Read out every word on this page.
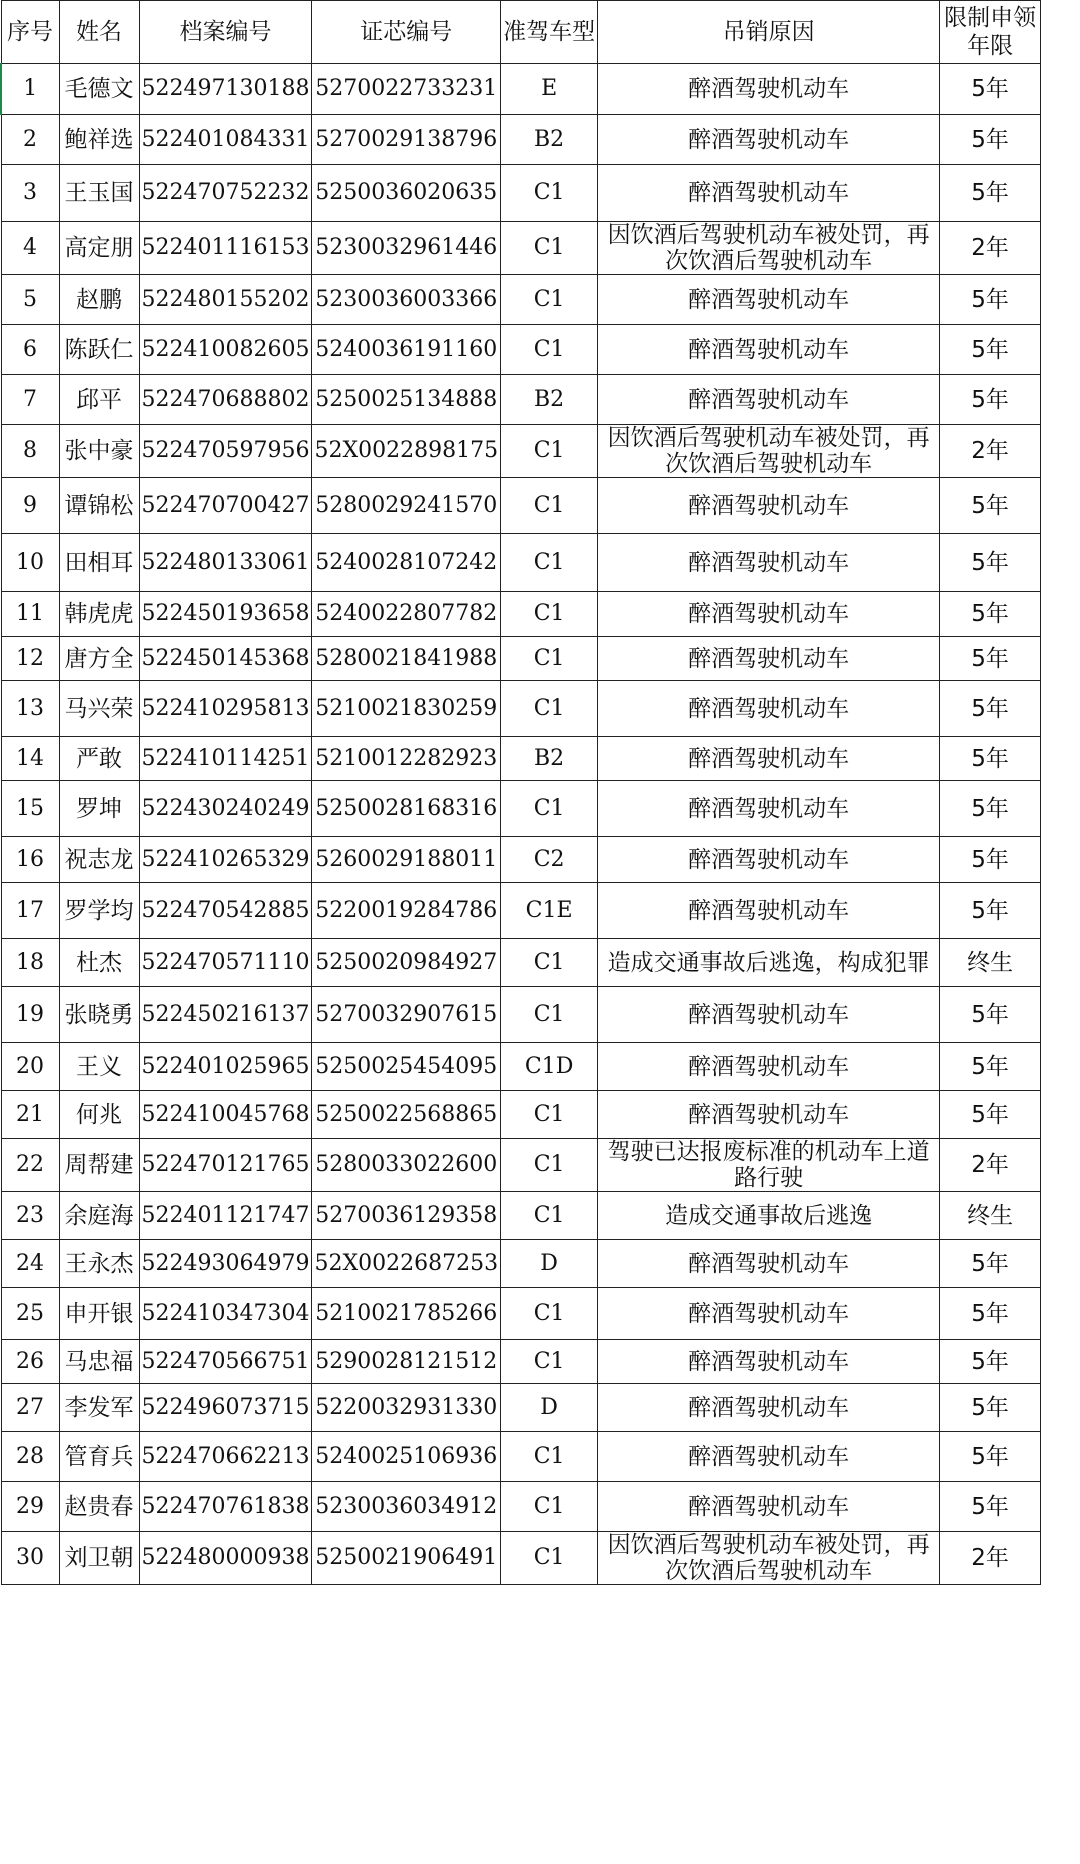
序号	姓名	档案编号	证芯编号	准驾车型	吊销原因	限制申领年限
1	毛德文	522497130188	5270022733231	E	醉酒驾驶机动车	5年
2	鲍祥选	522401084331	5270029138796	B2	醉酒驾驶机动车	5年
3	王玉国	522470752232	5250036020635	C1	醉酒驾驶机动车	5年
4	高定朋	522401116153	5230032961446	C1	因饮酒后驾驶机动车被处罚，再次饮酒后驾驶机动车	2年
5	赵鹏	522480155202	5230036003366	C1	醉酒驾驶机动车	5年
6	陈跃仁	522410082605	5240036191160	C1	醉酒驾驶机动车	5年
7	邱平	522470688802	5250025134888	B2	醉酒驾驶机动车	5年
8	张中豪	522470597956	52X0022898175	C1	因饮酒后驾驶机动车被处罚，再次饮酒后驾驶机动车	2年
9	谭锦松	522470700427	5280029241570	C1	醉酒驾驶机动车	5年
10	田相耳	522480133061	5240028107242	C1	醉酒驾驶机动车	5年
11	韩虎虎	522450193658	5240022807782	C1	醉酒驾驶机动车	5年
12	唐方全	522450145368	5280021841988	C1	醉酒驾驶机动车	5年
13	马兴荣	522410295813	5210021830259	C1	醉酒驾驶机动车	5年
14	严敢	522410114251	5210012282923	B2	醉酒驾驶机动车	5年
15	罗坤	522430240249	5250028168316	C1	醉酒驾驶机动车	5年
16	祝志龙	522410265329	5260029188011	C2	醉酒驾驶机动车	5年
17	罗学均	522470542885	5220019284786	C1E	醉酒驾驶机动车	5年
18	杜杰	522470571110	5250020984927	C1	造成交通事故后逃逸，构成犯罪	终生
19	张晓勇	522450216137	5270032907615	C1	醉酒驾驶机动车	5年
20	王义	522401025965	5250025454095	C1D	醉酒驾驶机动车	5年
21	何兆	522410045768	5250022568865	C1	醉酒驾驶机动车	5年
22	周帮建	522470121765	5280033022600	C1	驾驶已达报废标准的机动车上道路行驶	2年
23	余庭海	522401121747	5270036129358	C1	造成交通事故后逃逸	终生
24	王永杰	522493064979	52X0022687253	D	醉酒驾驶机动车	5年
25	申开银	522410347304	5210021785266	C1	醉酒驾驶机动车	5年
26	马忠福	522470566751	5290028121512	C1	醉酒驾驶机动车	5年
27	李发军	522496073715	5220032931330	D	醉酒驾驶机动车	5年
28	管育兵	522470662213	5240025106936	C1	醉酒驾驶机动车	5年
29	赵贵春	522470761838	5230036034912	C1	醉酒驾驶机动车	5年
30	刘卫朝	522480000938	5250021906491	C1	因饮酒后驾驶机动车被处罚，再次饮酒后驾驶机动车	2年
